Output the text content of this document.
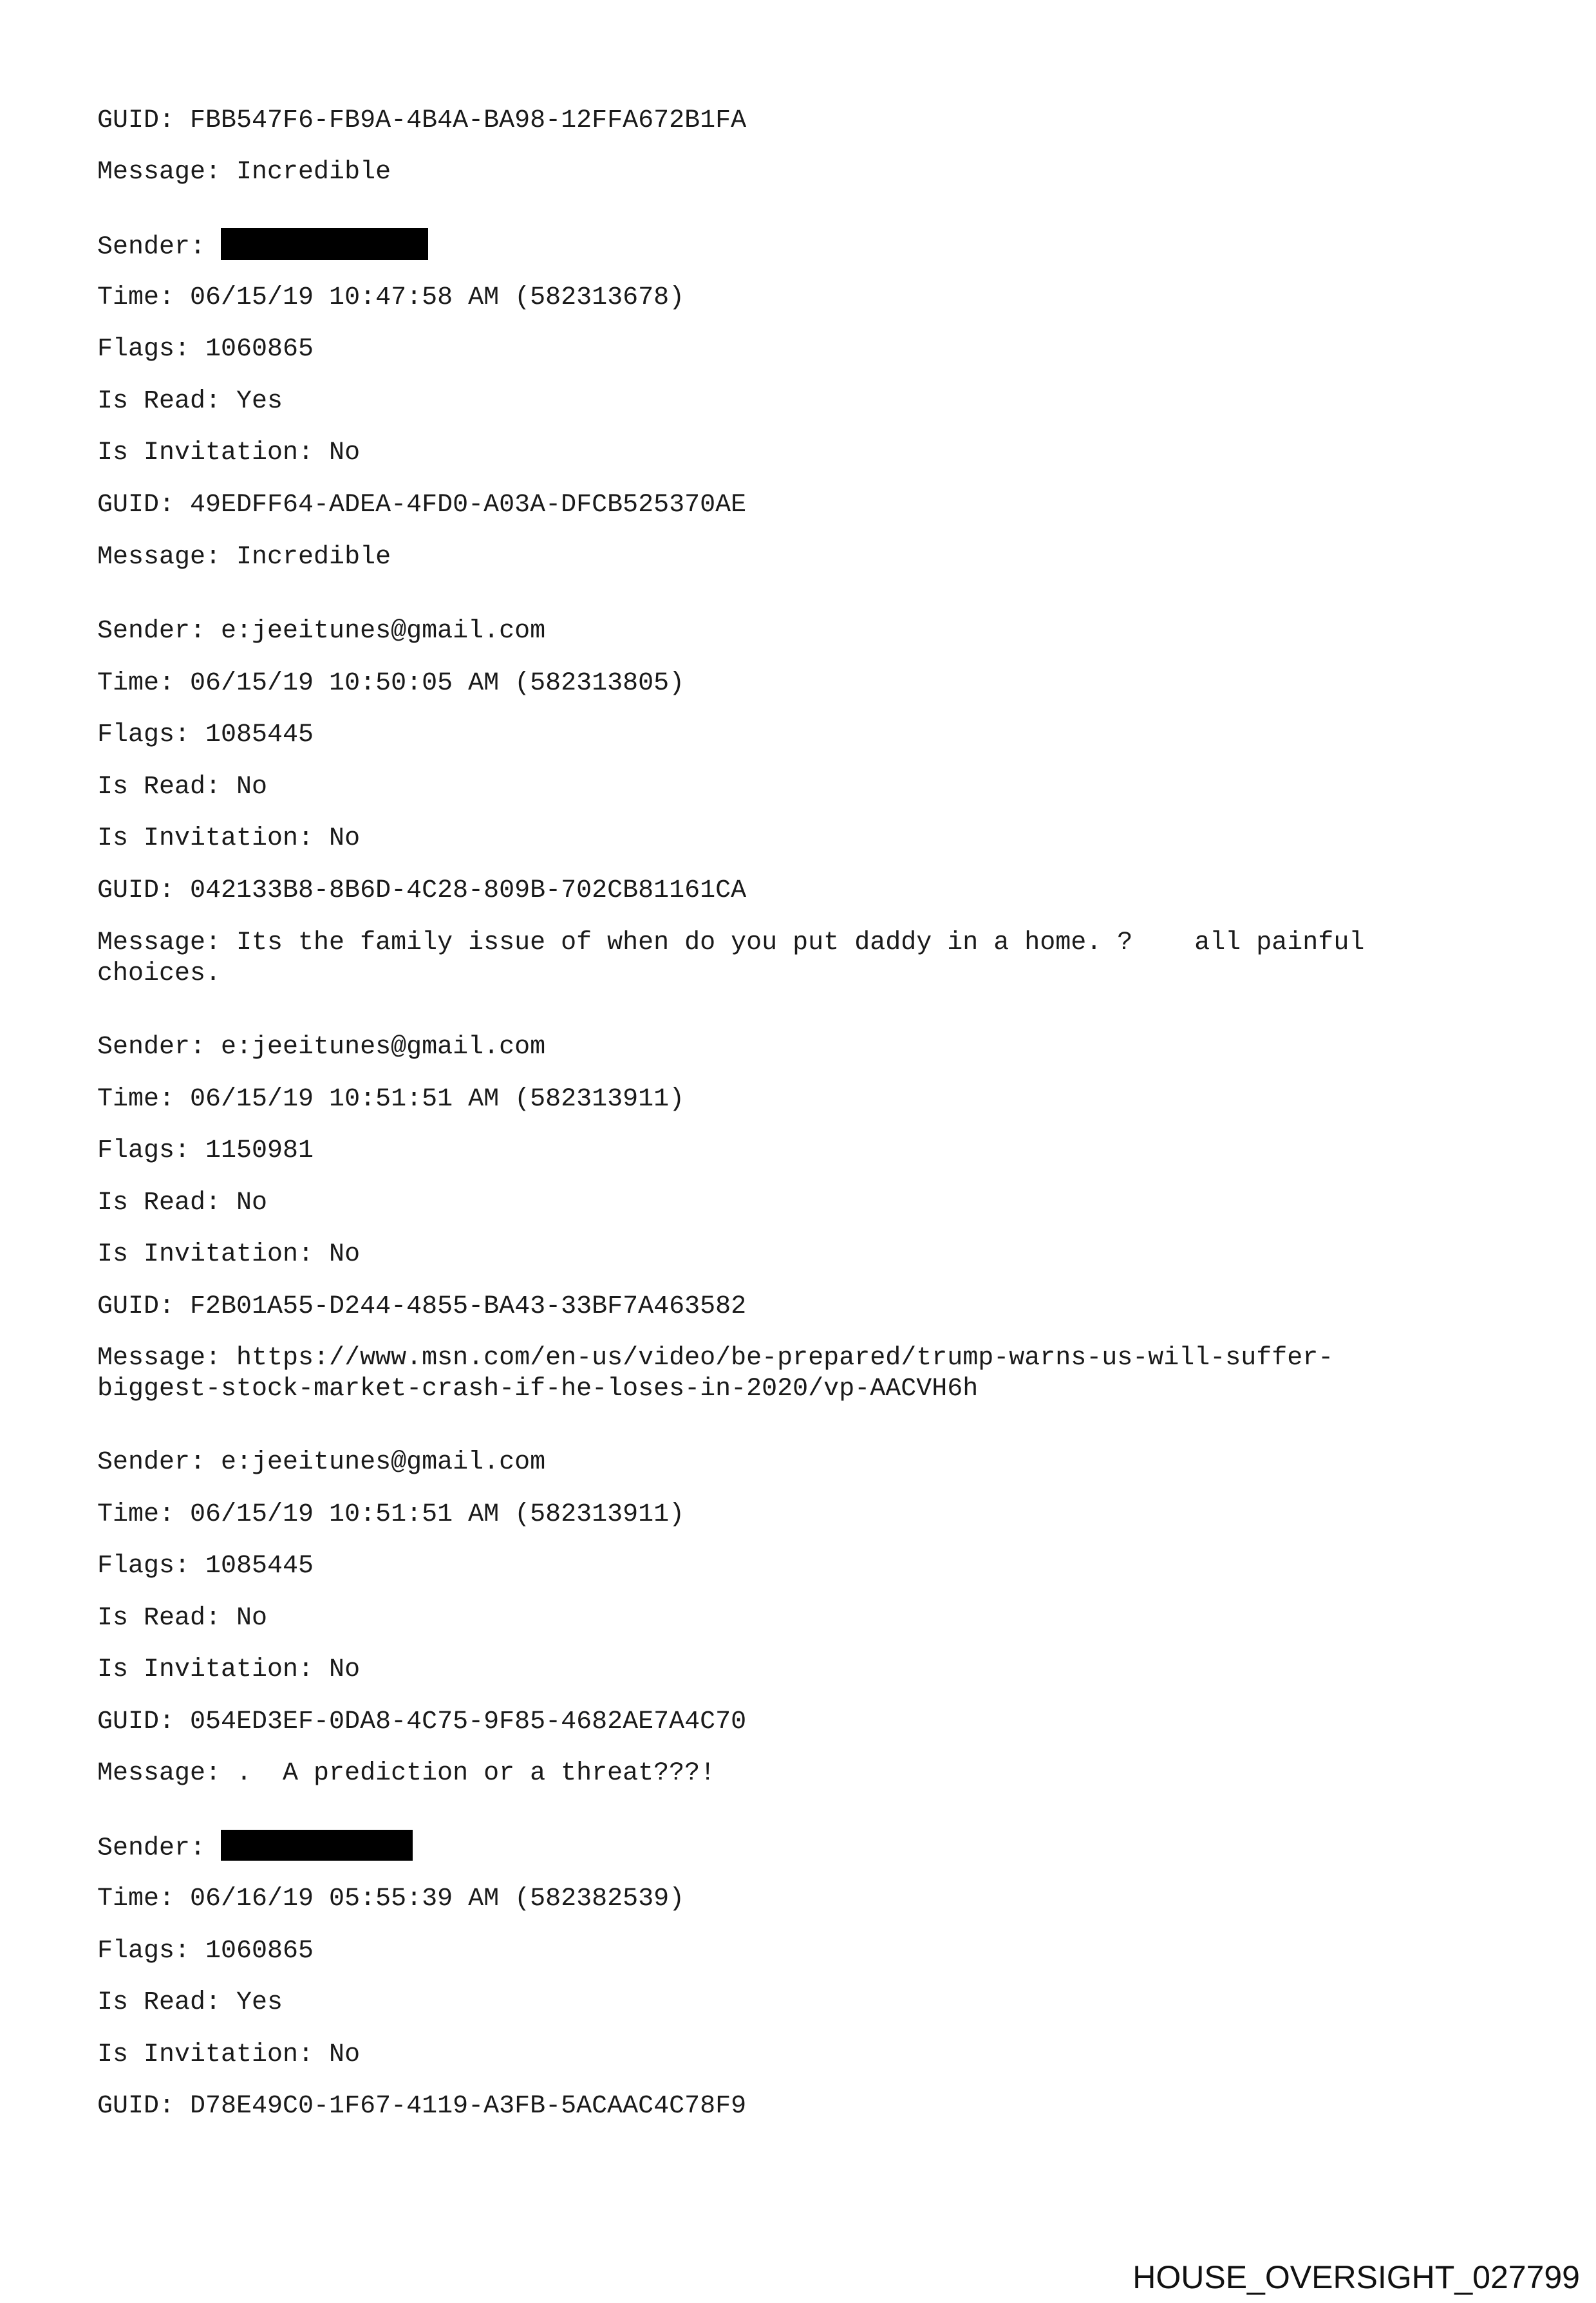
GUID: FBB547F6-FB9A-4B4A-BA98-12FFA672B1FA
Message: Incredible
Sender:
Time: 06/15/19 10:47:58 AM (582313678)
Flags: 1060865
Is Read: Yes
Is Invitation: No
GUID: 49EDFF64-ADEA-4FD0-A03A-DFCB525370AE
Message: Incredible
Sender: e:jeeitunes@gmail.com
Time: 06/15/19 10:50:05 AM (582313805)
Flags: 1085445
Is Read: No
Is Invitation: No
GUID: 042133B8-8B6D-4C28-809B-702CB81161CA
Message: Its the family issue of when do you put daddy in a home. ?    all painful
choices.
Sender: e:jeeitunes@gmail.com
Time: 06/15/19 10:51:51 AM (582313911)
Flags: 1150981
Is Read: No
Is Invitation: No
GUID: F2B01A55-D244-4855-BA43-33BF7A463582
Message: https://www.msn.com/en-us/video/be-prepared/trump-warns-us-will-suffer-
biggest-stock-market-crash-if-he-loses-in-2020/vp-AACVH6h
Sender: e:jeeitunes@gmail.com
Time: 06/15/19 10:51:51 AM (582313911)
Flags: 1085445
Is Read: No
Is Invitation: No
GUID: 054ED3EF-0DA8-4C75-9F85-4682AE7A4C70
Message: .  A prediction or a threat???!
Sender:
Time: 06/16/19 05:55:39 AM (582382539)
Flags: 1060865
Is Read: Yes
Is Invitation: No
GUID: D78E49C0-1F67-4119-A3FB-5ACAAC4C78F9
HOUSE_OVERSIGHT_027799
